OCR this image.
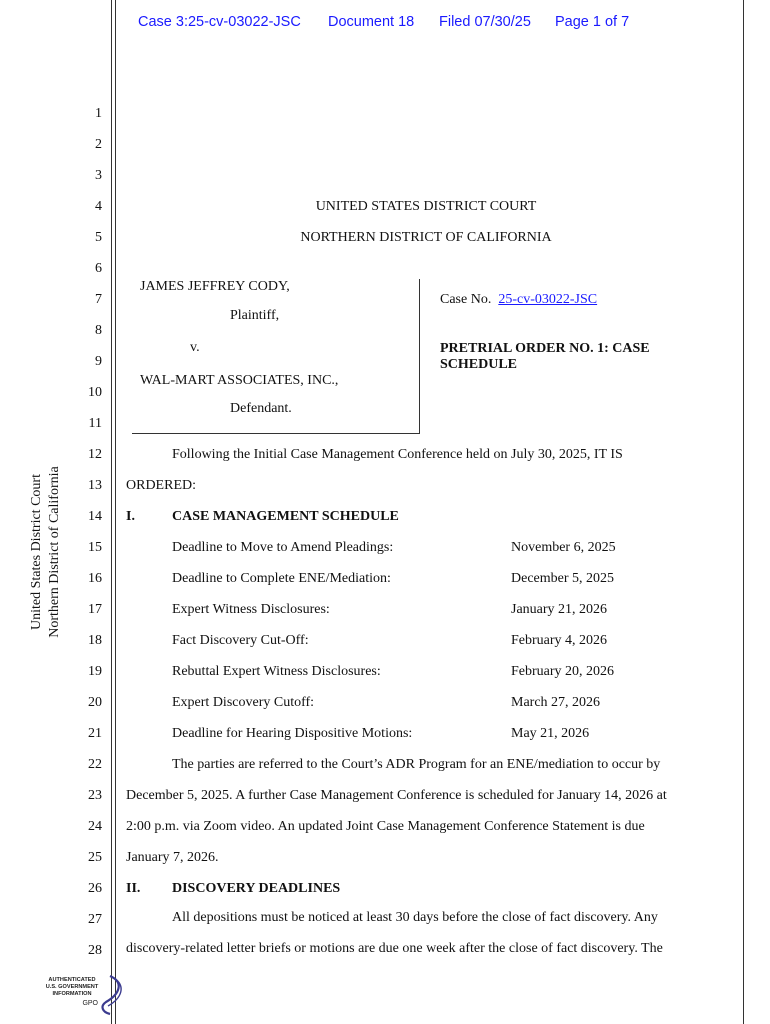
Case 3:25-cv-03022-JSC Document 18 Filed 07/30/25 Page 1 of 7
United States District Court Northern District of California
1
2
3
4
5
6
7
8
9
10
11
12
13
14
15
16
17
18
19
20
21
22
23
24
25
26
27
28
UNITED STATES DISTRICT COURT
NORTHERN DISTRICT OF CALIFORNIA
JAMES JEFFREY CODY,
Plaintiff,
v.
WAL-MART ASSOCIATES, INC.,
Defendant.
Case No. 25-cv-03022-JSC
PRETRIAL ORDER NO. 1: CASE
SCHEDULE
Following the Initial Case Management Conference held on July 30, 2025, IT IS
ORDERED:
I.	CASE MANAGEMENT SCHEDULE
Deadline to Move to Amend Pleadings:	November 6, 2025
Deadline to Complete ENE/Mediation:	December 5, 2025
Expert Witness Disclosures:	January 21, 2026
Fact Discovery Cut-Off:	February 4, 2026
Rebuttal Expert Witness Disclosures:	February 20, 2026
Expert Discovery Cutoff:	March 27, 2026
Deadline for Hearing Dispositive Motions:	May 21, 2026
The parties are referred to the Court’s ADR Program for an ENE/mediation to occur by
December 5, 2025. A further Case Management Conference is scheduled for January 14, 2026 at
2:00 p.m. via Zoom video. An updated Joint Case Management Conference Statement is due
January 7, 2026.
II. DISCOVERY DEADLINES
All depositions must be noticed at least 30 days before the close of fact discovery. Any
discovery-related letter briefs or motions are due one week after the close of fact discovery. The
AUTHENTICATED
U.S. GOVERNMENT
INFORMATION
GPO
